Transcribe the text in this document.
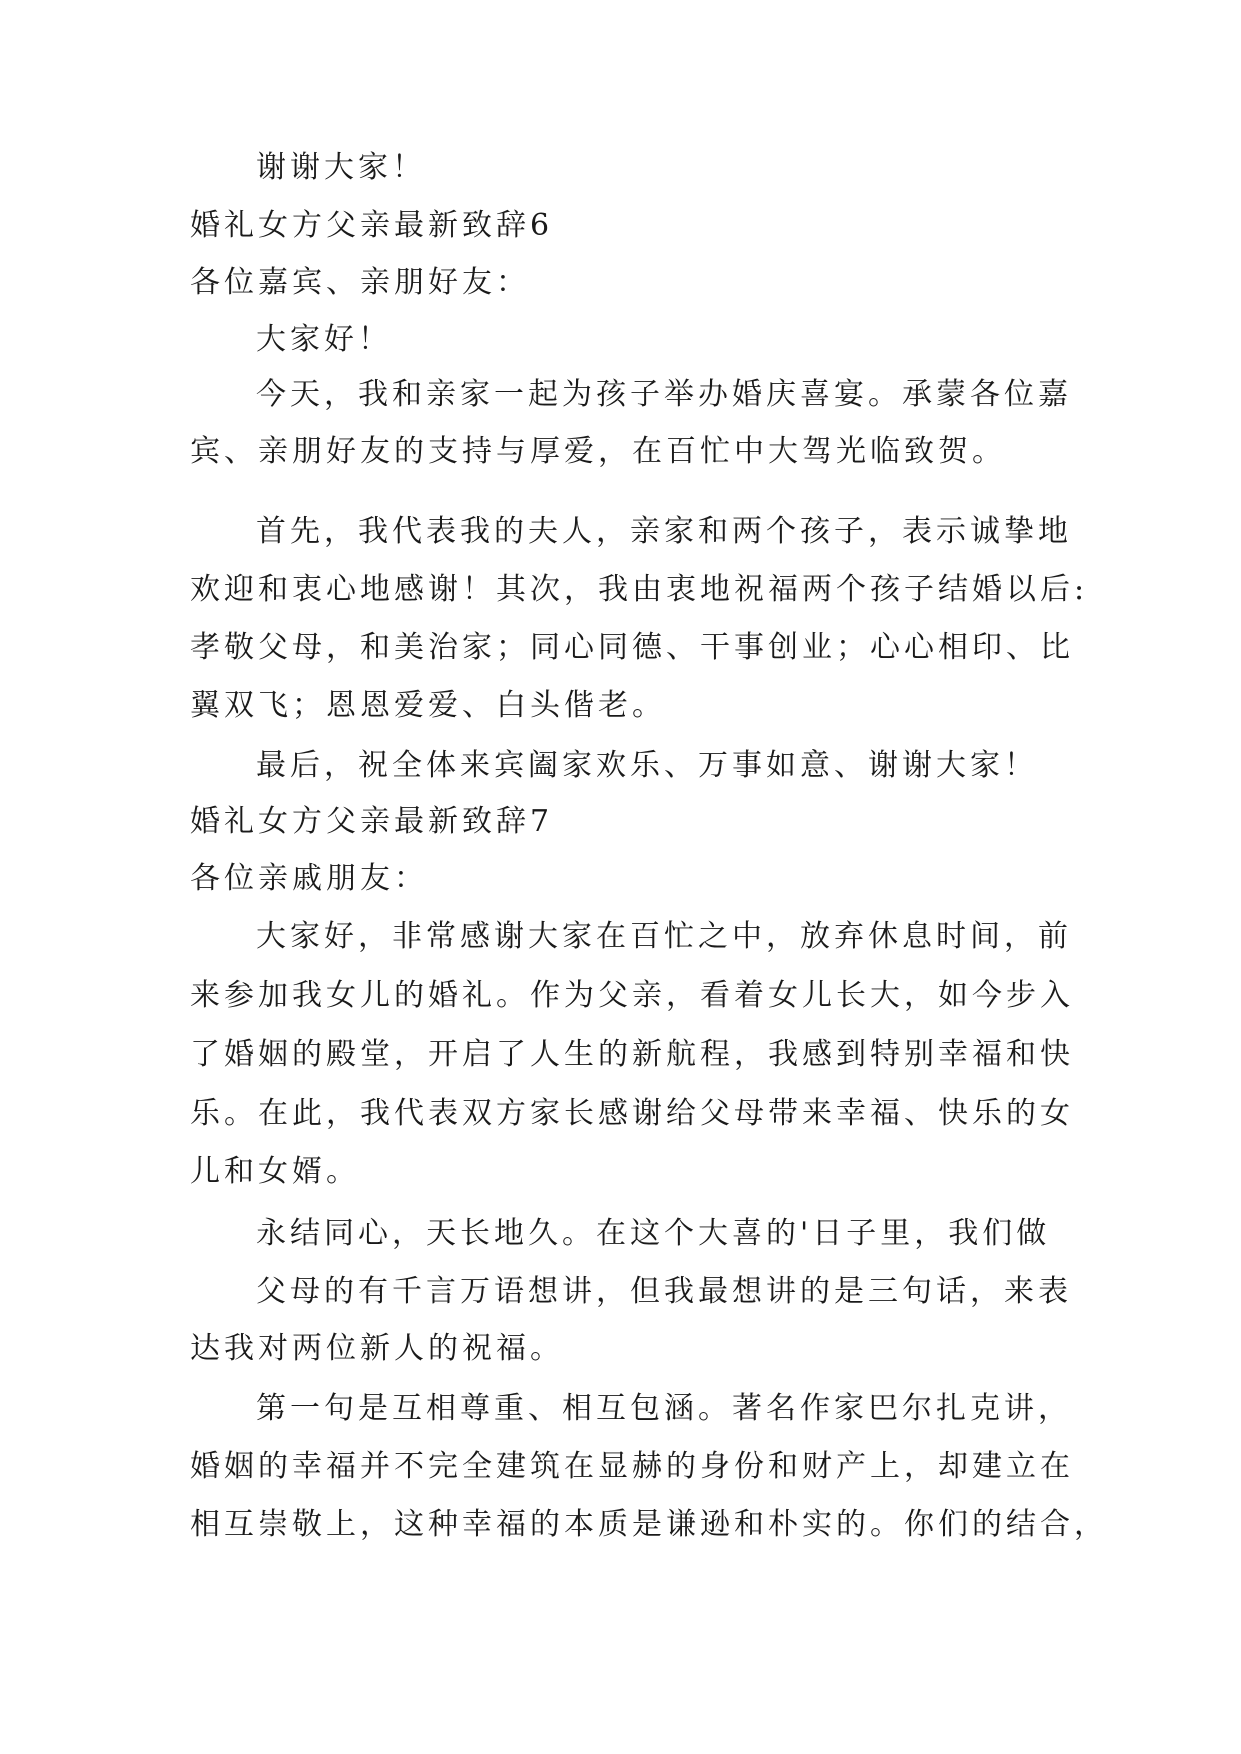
谢谢大家！
婚礼女方父亲最新致辞6
各位嘉宾、亲朋好友：
大家好！
今天，我和亲家一起为孩子举办婚庆喜宴。承蒙各位嘉
宾、亲朋好友的支持与厚爱，在百忙中大驾光临致贺。
首先，我代表我的夫人，亲家和两个孩子，表示诚挚地
欢迎和衷心地感谢！其次，我由衷地祝福两个孩子结婚以后:
孝敬父母，和美治家；同心同德、干事创业；心心相印、比
翼双飞；恩恩爱爱、白头偕老。
最后，祝全体来宾阖家欢乐、万事如意、谢谢大家！
婚礼女方父亲最新致辞7
各位亲戚朋友：
大家好，非常感谢大家在百忙之中，放弃休息时间，前
来参加我女儿的婚礼。作为父亲，看着女儿长大，如今步入
了婚姻的殿堂，开启了人生的新航程，我感到特别幸福和快
乐。在此，我代表双方家长感谢给父母带来幸福、快乐的女
儿和女婿。
永结同心，天长地久。在这个大喜的'日子里，我们做
父母的有千言万语想讲，但我最想讲的是三句话，来表
达我对两位新人的祝福。
第一句是互相尊重、相互包涵。著名作家巴尔扎克讲，
婚姻的幸福并不完全建筑在显赫的身份和财产上，却建立在
相互崇敬上，这种幸福的本质是谦逊和朴实的。你们的结合，
